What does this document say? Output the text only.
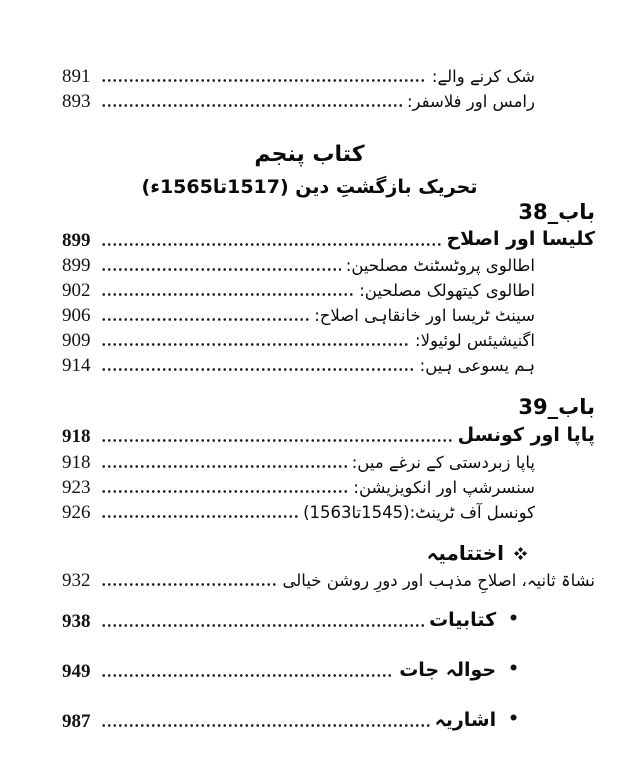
891	شک کرنے والے:
893	رامس اور فلاسفر:
کتاب پنجم
تحریک بازگشتِ دین (1517تا1565ء)
باب_38
899	کلیسا اور اصلاح
899	اطالوی پروٹسٹنٹ مصلحین:
902	اطالوی کیتھولک مصلحین:
906	سینٹ ٹریسا اور خانقاہی اصلاح:
909	اگنیشیئس لوئیولا:
914	ہم یسوعی ہیں:
باب_39
918	پاپا اور کونسل
918	پاپا زبردستی کے نرغے میں:
923	سنسرشپ اور انکویزیشن:
926	کونسل آف ٹرینٹ:(1545تا1563)
اختتامیہ
932	نشاۃ ثانیہ، اصلاحِ مذہب اور دورِ روشن خیالی
938	کتابیات •
949	حوالہ جات •
987	اشاریہ •
